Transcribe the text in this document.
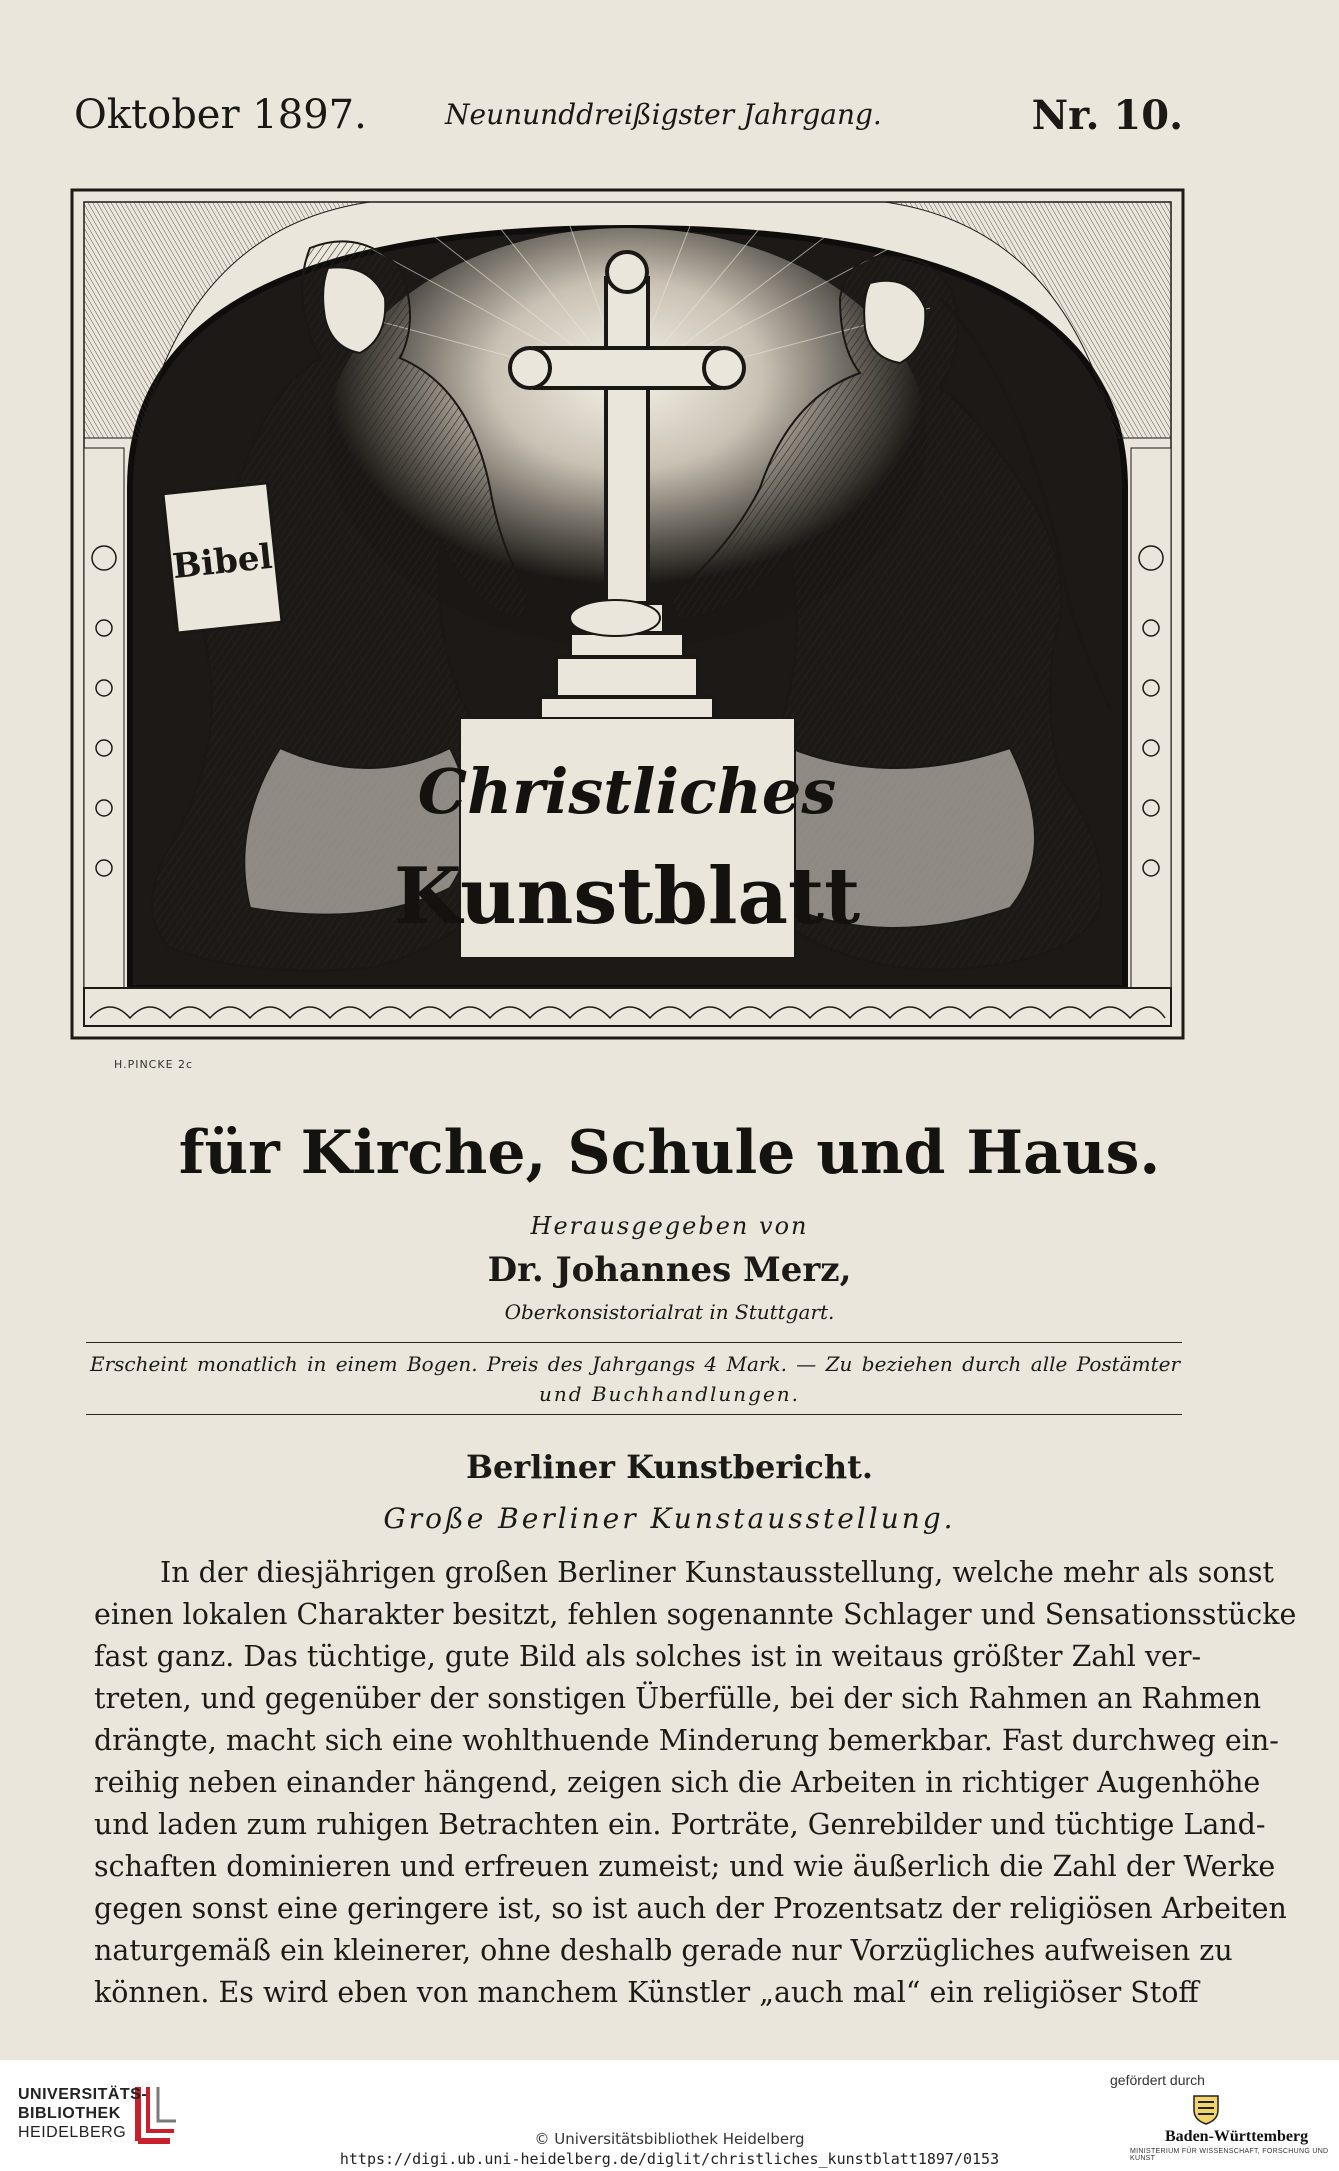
Oktober 1897.	Neununddreißigster Jahrgang.	Nr. 10.
Bibel
Christliches
Kunstblatt
H.PINCKE 2c
für Kirche, Schule und Haus.
Herausgegeben von
Dr. Johannes Merz,
Oberkonsistorialrat in Stuttgart.
Erscheint monatlich in einem Bogen. Preis des Jahrgangs 4 Mark. — Zu beziehen durch alle Postämter
und Buchhandlungen.
Berliner Kunstbericht.
Große Berliner Kunstausstellung.
In der diesjährigen großen Berliner Kunstausstellung, welche mehr als sonst
einen lokalen Charakter besitzt, fehlen sogenannte Schlager und Sensationsstücke
fast ganz. Das tüchtige, gute Bild als solches ist in weitaus größter Zahl ver-
treten, und gegenüber der sonstigen Überfülle, bei der sich Rahmen an Rahmen
drängte, macht sich eine wohlthuende Minderung bemerkbar. Fast durchweg ein-
reihig neben einander hängend, zeigen sich die Arbeiten in richtiger Augenhöhe
und laden zum ruhigen Betrachten ein. Porträte, Genrebilder und tüchtige Land-
schaften dominieren und erfreuen zumeist; und wie äußerlich die Zahl der Werke
gegen sonst eine geringere ist, so ist auch der Prozentsatz der religiösen Arbeiten
naturgemäß ein kleinerer, ohne deshalb gerade nur Vorzügliches aufweisen zu
können. Es wird eben von manchem Künstler „auch mal“ ein religiöser Stoff
UNIVERSITÄTS-
BIBLIOTHEK
HEIDELBERG	© Universitätsbibliothek Heidelberg
https://digi.ub.uni-heidelberg.de/diglit/christliches_kunstblatt1897/0153
gefördert durch
Baden-Württemberg
MINISTERIUM FÜR WISSENSCHAFT, FORSCHUNG UND KUNST
